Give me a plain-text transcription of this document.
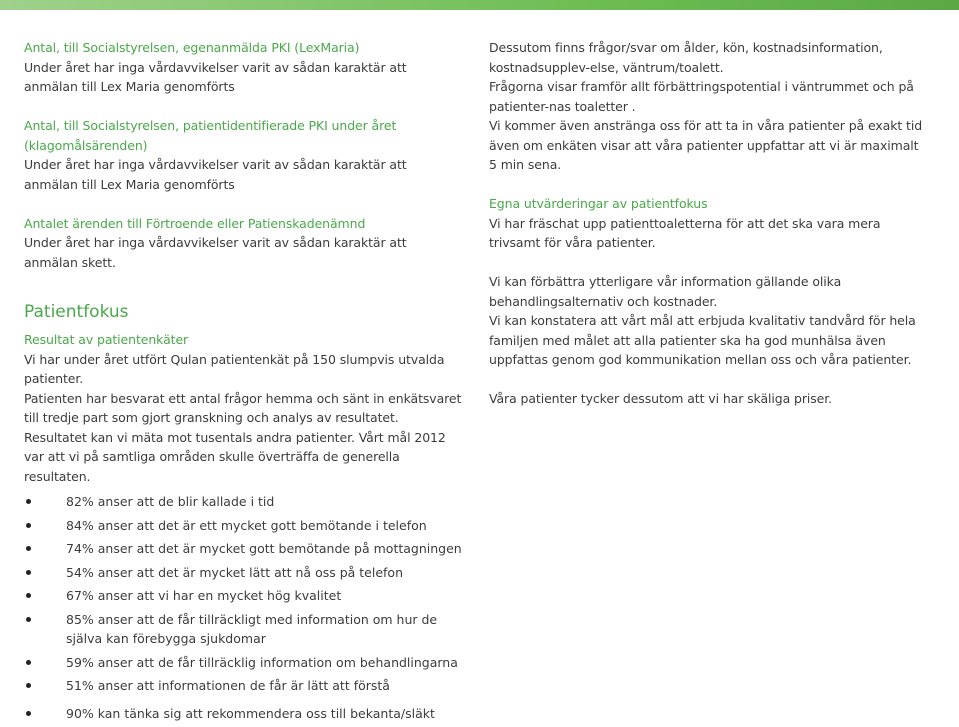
Antal, till Socialstyrelsen, egenanmälda PKI (LexMaria)

Under året har inga vårdavvikelser varit av sådan karaktär att anmälan till Lex Maria genomförts

Antal, till Socialstyrelsen, patientidentifierade PKI under året (klagomålsärenden)

Under året har inga vårdavvikelser varit av sådan karaktär att anmälan till Lex Maria genomförts

Antalet ärenden till Förtroende eller Patienskadenämnd

Under året har inga vårdavvikelser varit av sådan karaktär att anmälan skett.

Patientfokus

Resultat av patientenkäter

Vi har under året utfört Qulan patientenkät på 150 slumpvis utvalda patienter.

Patienten har besvarat ett antal frågor hemma och sänt in enkätsvaret till tredje part som gjort granskning och analys av resultatet.

Resultatet kan vi mäta mot tusentals andra patienter. Vårt mål 2012 var att vi på samtliga områden skulle överträffa de generella resultaten.

82% anser att de blir kallade i tid
84% anser att det är ett mycket gott bemötande i telefon
74% anser att det är mycket gott bemötande på mottagningen
54% anser att det är mycket lätt att nå oss på telefon
67% anser att vi har en mycket hög kvalitet
85% anser att de får tillräckligt med information om hur de själva kan förebygga sjukdomar
59% anser att de får tillräcklig information om behandlingarna
51% anser att informationen de får är lätt att förstå
90% kan tänka sig att rekommendera oss till bekanta/släkt

Dessutom finns frågor/svar om ålder, kön, kostnadsinformation, kostnadsupplev-else, väntrum/toalett.

Frågorna visar framför allt förbättringspotential i väntrummet och på patienter-nas toaletter .

Vi kommer även anstränga oss för att ta in våra patienter på exakt tid även om enkäten visar att våra patienter uppfattar att vi är maximalt 5 min sena.

Egna utvärderingar av patientfokus

Vi har fräschat upp patienttoaletterna för att det ska vara mera trivsamt för våra patienter.

Vi kan förbättra ytterligare vår information gällande olika behandlingsalternativ och kostnader.

Vi kan konstatera att vårt mål att erbjuda kvalitativ tandvård för hela familjen med målet att alla patienter ska ha god munhälsa även uppfattas genom god kommunikation mellan oss och våra patienter.

Våra patienter tycker dessutom att vi har skäliga priser.
